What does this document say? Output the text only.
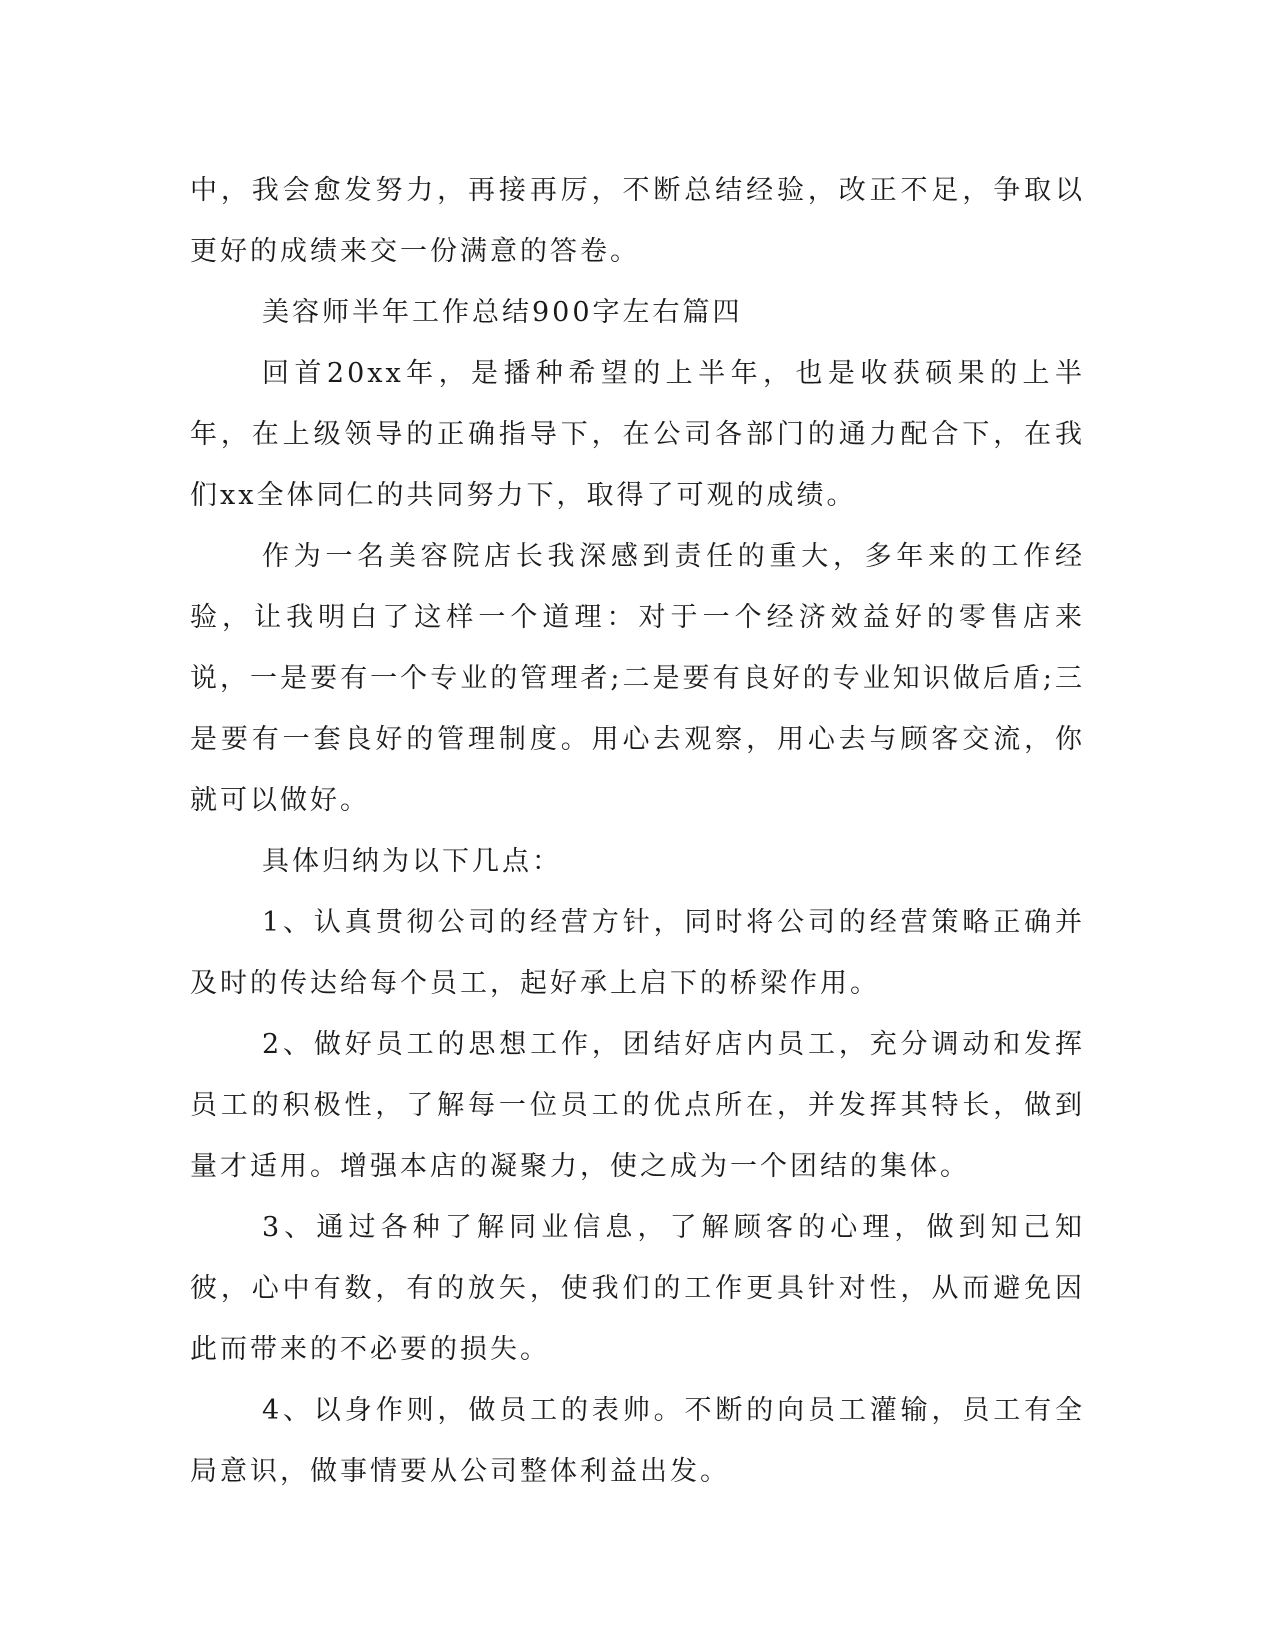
中，我会愈发努力，再接再厉，不断总结经验，改正不足，争取以更好的成绩来交一份满意的答卷。

美容师半年工作总结900字左右篇四

回首20xx年，是播种希望的上半年，也是收获硕果的上半年，在上级领导的正确指导下，在公司各部门的通力配合下，在我们xx全体同仁的共同努力下，取得了可观的成绩。

作为一名美容院店长我深感到责任的重大，多年来的工作经验，让我明白了这样一个道理：对于一个经济效益好的零售店来说，一是要有一个专业的管理者;二是要有良好的专业知识做后盾;三是要有一套良好的管理制度。用心去观察，用心去与顾客交流，你就可以做好。

具体归纳为以下几点：

1、认真贯彻公司的经营方针，同时将公司的经营策略正确并及时的传达给每个员工，起好承上启下的桥梁作用。

2、做好员工的思想工作，团结好店内员工，充分调动和发挥员工的积极性，了解每一位员工的优点所在，并发挥其特长，做到量才适用。增强本店的凝聚力，使之成为一个团结的集体。

3、通过各种了解同业信息，了解顾客的心理，做到知己知彼，心中有数，有的放矢，使我们的工作更具针对性，从而避免因此而带来的不必要的损失。

4、以身作则，做员工的表帅。不断的向员工灌输，员工有全局意识，做事情要从公司整体利益出发。
